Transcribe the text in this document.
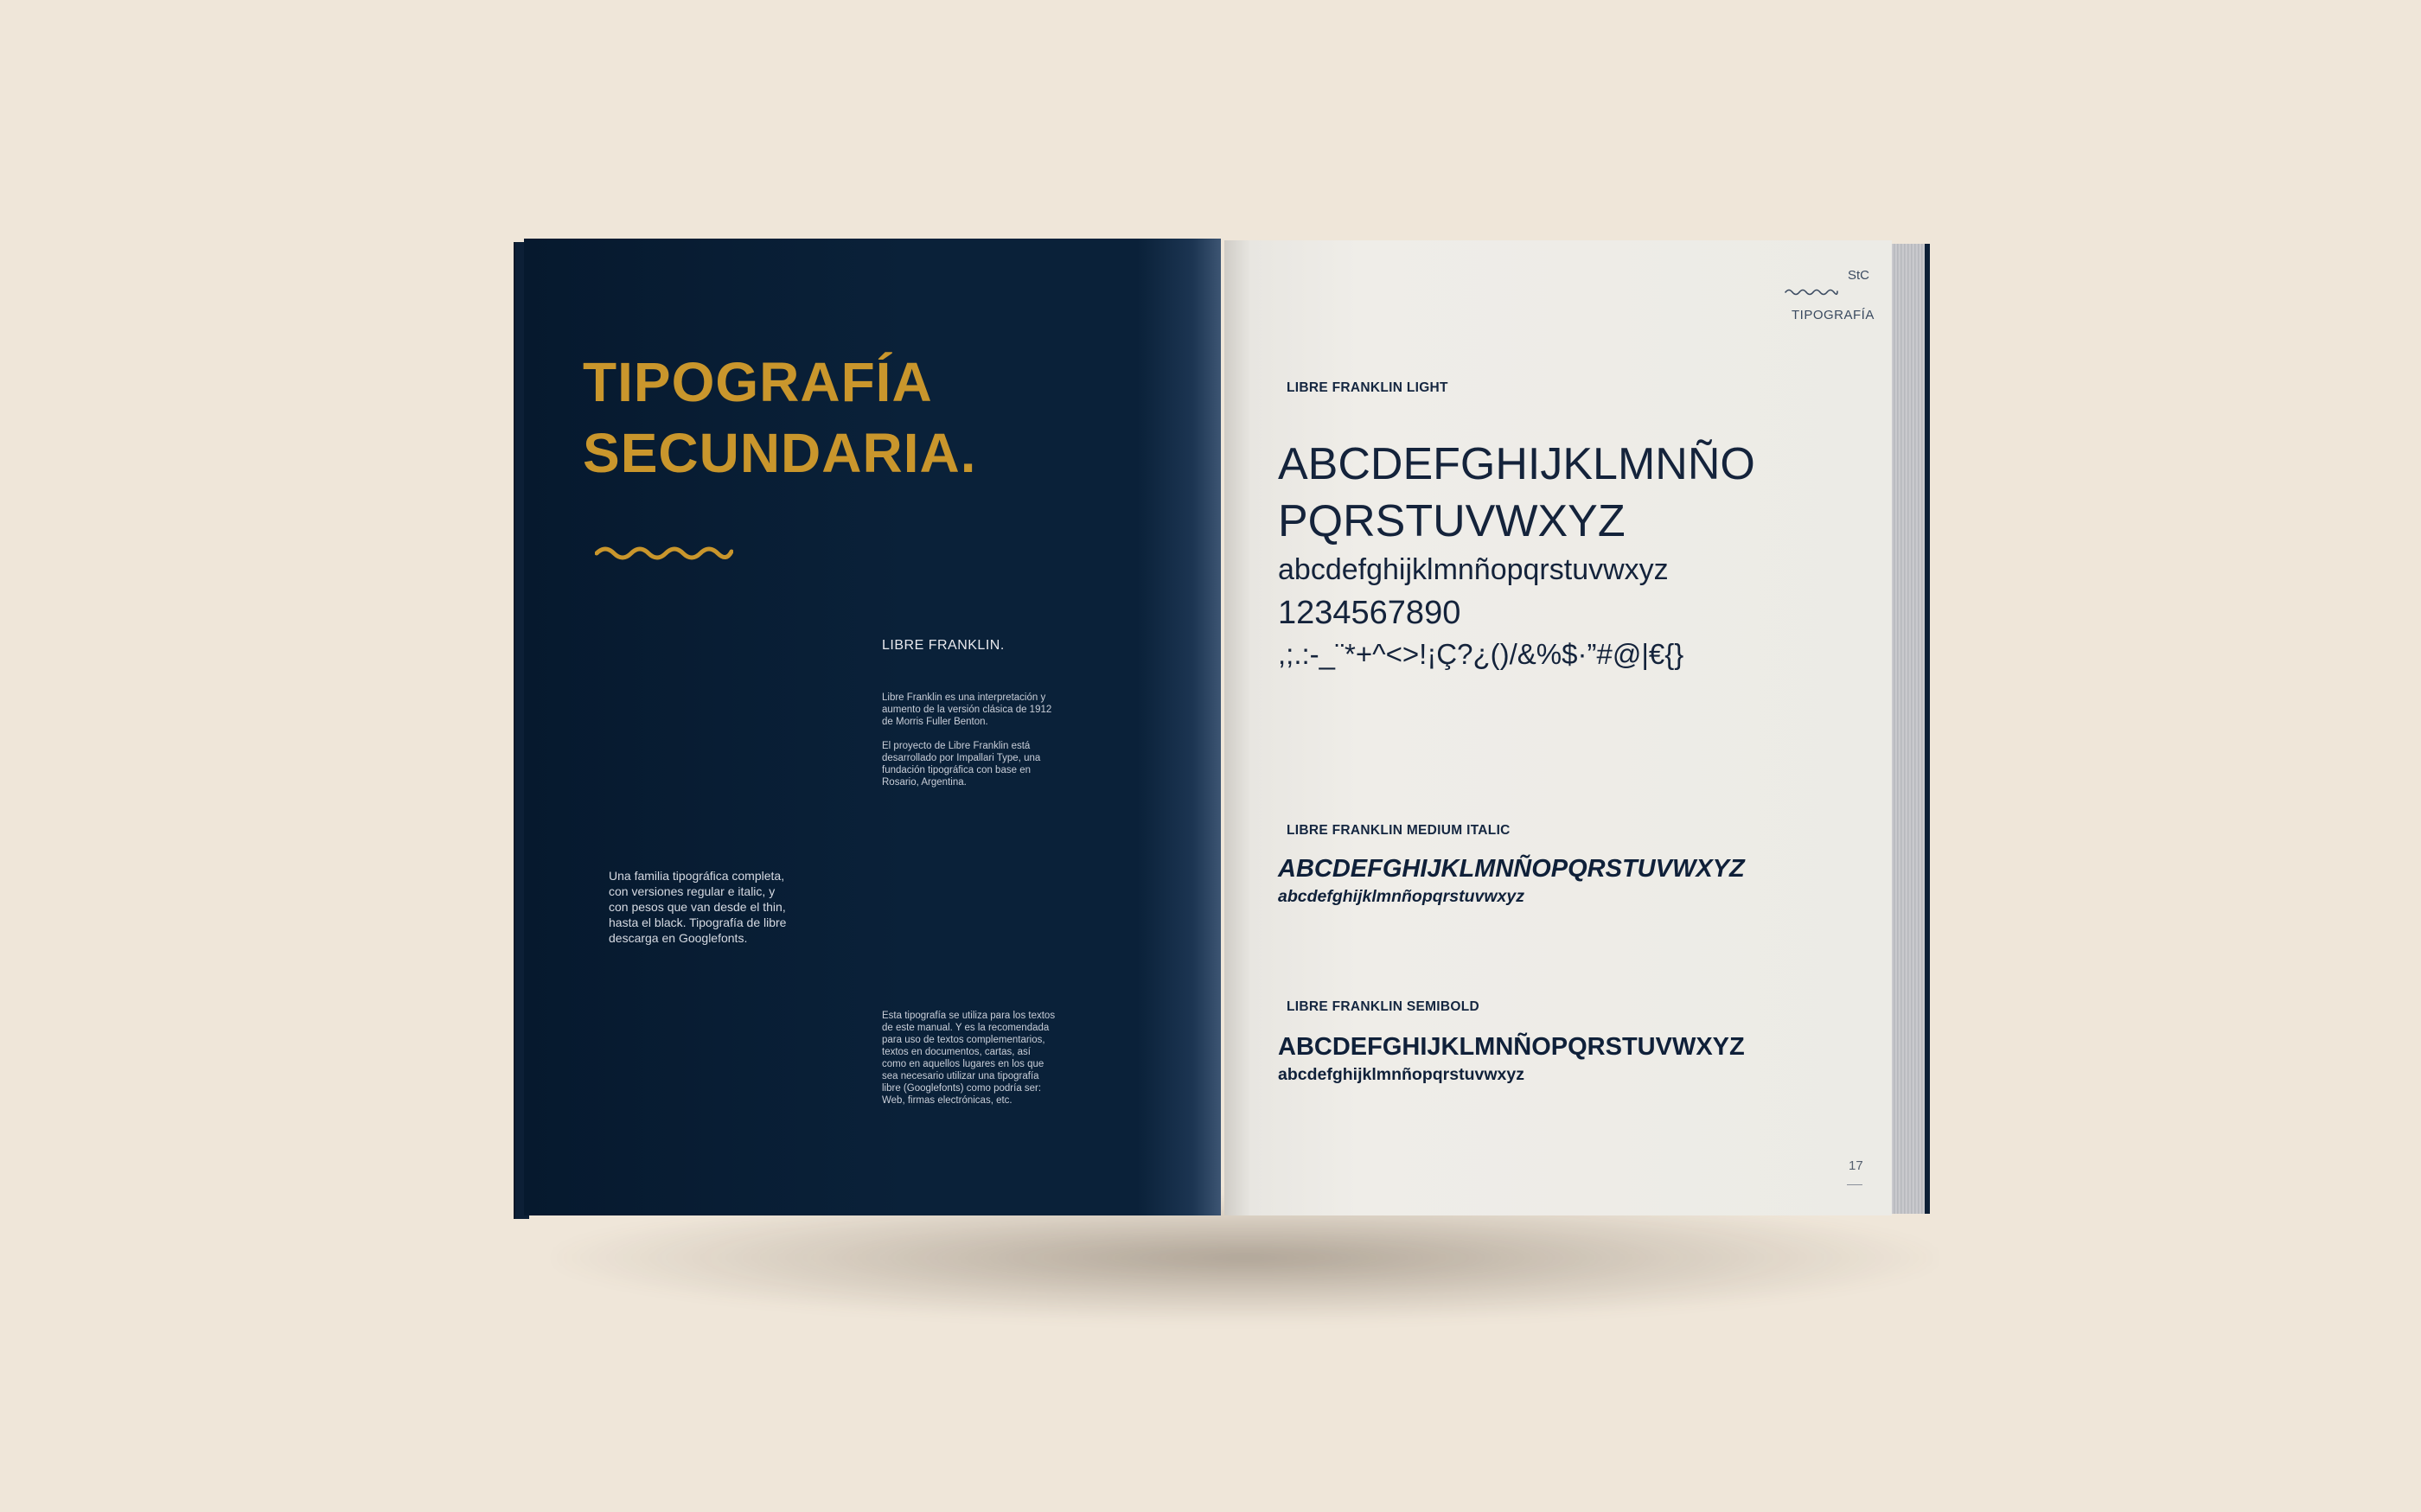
TIPOGRAFÍA
SECUNDARIA.

LIBRE FRANKLIN.

Libre Franklin es una interpretación y
aumento de la versión clásica de 1912
de Morris Fuller Benton.

El proyecto de Libre Franklin está
desarrollado por Impallari Type, una
fundación tipográfica con base en
Rosario, Argentina.

Una familia tipográfica completa,
con versiones regular e italic, y
con pesos que van desde el thin,
hasta el black. Tipografía de libre
descarga en Googlefonts.

Esta tipografía se utiliza para los textos
de este manual. Y es la recomendada
para uso de textos complementarios,
textos en documentos, cartas, así
como en aquellos lugares en los que
sea necesario utilizar una tipografía
libre (Googlefonts) como podría ser:
Web, firmas electrónicas, etc.

StC
TIPOGRAFÍA

LIBRE FRANKLIN LIGHT

ABCDEFGHIJKLMNÑO

PQRSTUVWXYZ

abcdefghijklmnñopqrstuvwxyz

1234567890

,;.:-_¨*+^<>!¡Ç?¿()/&%$·”#@|€{}

LIBRE FRANKLIN MEDIUM ITALIC

ABCDEFGHIJKLMNÑOPQRSTUVWXYZ

abcdefghijklmnñopqrstuvwxyz

LIBRE FRANKLIN SEMIBOLD

ABCDEFGHIJKLMNÑOPQRSTUVWXYZ

abcdefghijklmnñopqrstuvwxyz

17
